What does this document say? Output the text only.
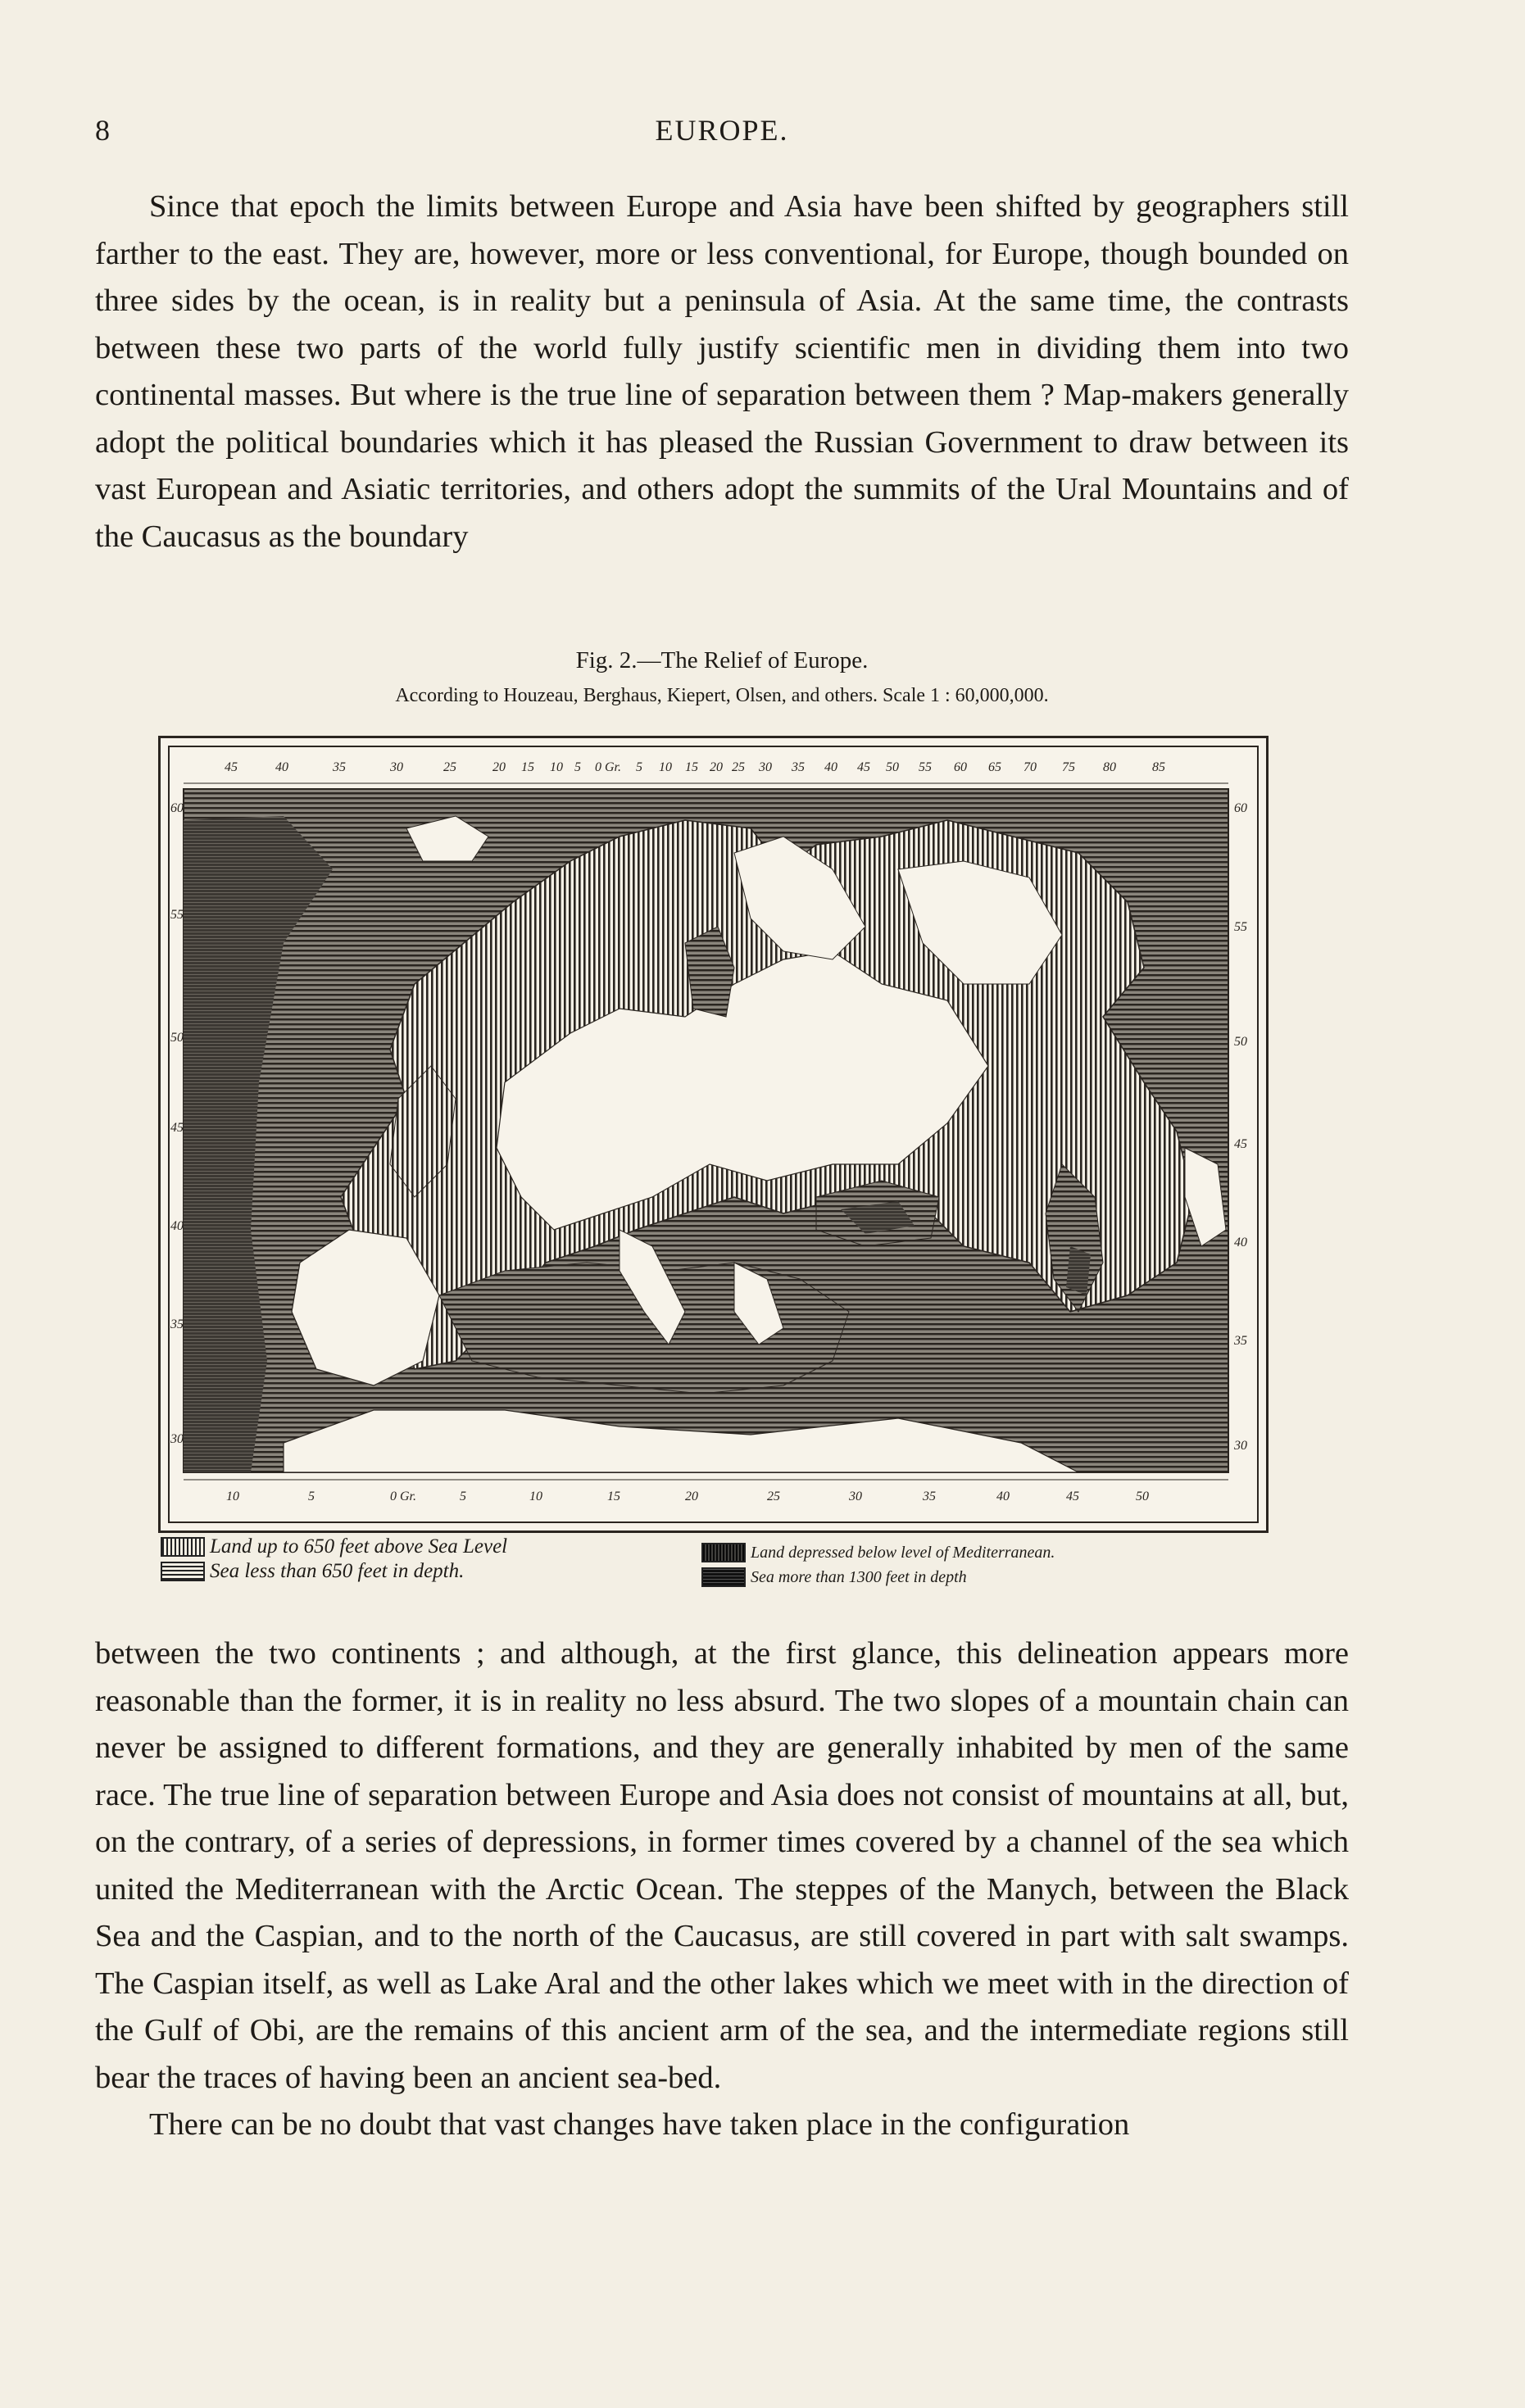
8	EUROPE.

Since that epoch the limits between Europe and Asia have been shifted by geographers still farther to the east. They are, however, more or less conventional, for Europe, though bounded on three sides by the ocean, is in reality but a peninsula of Asia. At the same time, the contrasts between these two parts of the world fully justify scientific men in dividing them into two continental masses. But where is the true line of separation between them ? Map-makers generally adopt the political boundaries which it has pleased the Russian Government to draw between its vast European and Asiatic territories, and others adopt the summits of the Ural Mountains and of the Caucasus as the boundary

Fig. 2.—The Relief of Europe.
According to Houzeau, Berghaus, Kiepert, Olsen, and others. Scale 1 : 60,000,000.
45	40	35	30	25	20 15 10 5 0 Gr. 5 10 15 20 25 30 35 40 45 50 55 60 65 70 75 80	85
10	5	0 Gr.	5	10	15	20	25	30	35	40	45	50
60
55
50
45
40
35
30
60
55
50
45
40
35
30
Land up to 650 feet above Sea Level
Sea less than 650 feet in depth.
Land depressed below level of Mediterranean.
Sea more than 1300 feet in depth

between the two continents ; and although, at the first glance, this delineation appears more reasonable than the former, it is in reality no less absurd. The two slopes of a mountain chain can never be assigned to different formations, and they are generally inhabited by men of the same race. The true line of separation between Europe and Asia does not consist of mountains at all, but, on the contrary, of a series of depressions, in former times covered by a channel of the sea which united the Mediterranean with the Arctic Ocean. The steppes of the Manych, between the Black Sea and the Caspian, and to the north of the Caucasus, are still covered in part with salt swamps. The Caspian itself, as well as Lake Aral and the other lakes which we meet with in the direction of the Gulf of Obi, are the remains of this ancient arm of the sea, and the intermediate regions still bear the traces of having been an ancient sea-bed.

There can be no doubt that vast changes have taken place in the configuration
